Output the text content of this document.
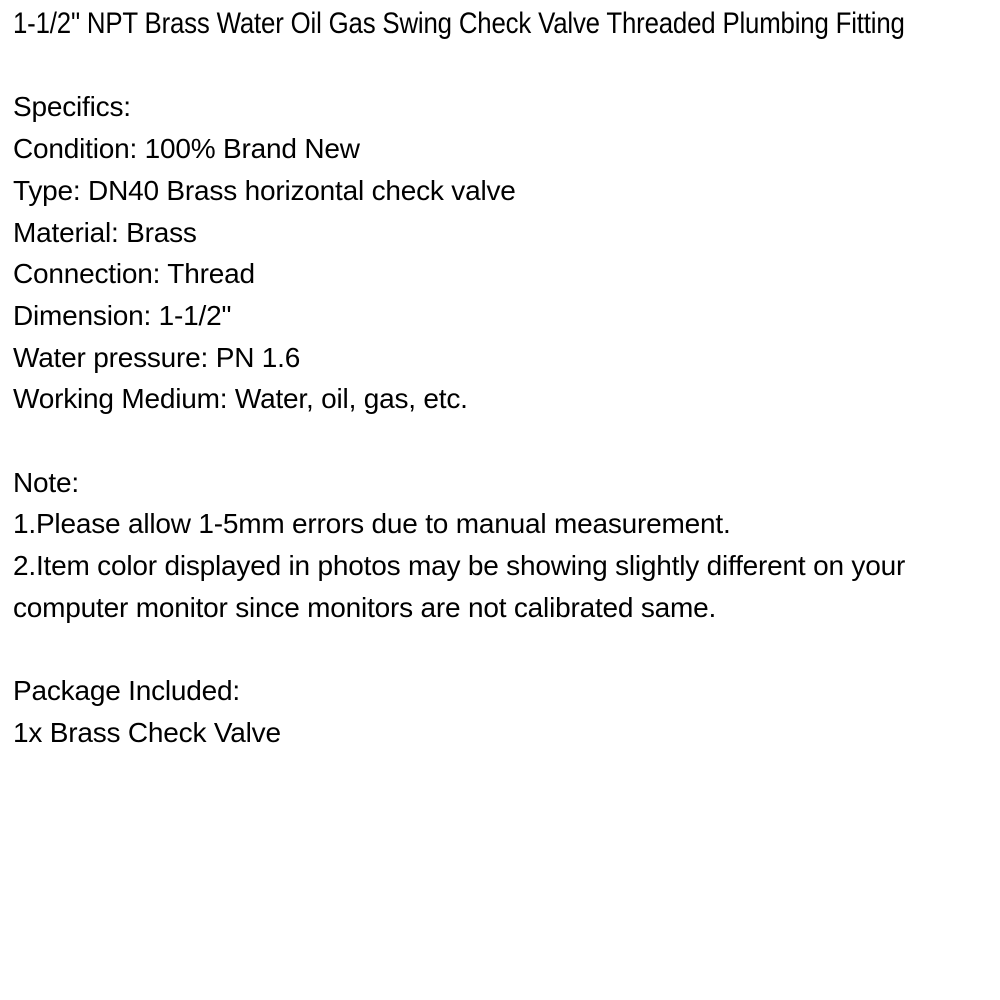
1-1/2" NPT Brass Water Oil Gas Swing Check Valve Threaded Plumbing Fitting
Specifics:
Condition: 100% Brand New
Type: DN40 Brass horizontal check valve
Material: Brass
Connection: Thread
Dimension: 1-1/2"
Water pressure: PN 1.6
Working Medium: Water, oil, gas, etc.
Note:
1.Please allow 1-5mm errors due to manual measurement.
2.Item color displayed in photos may be showing slightly different on your computer monitor since monitors are not calibrated same.
Package Included:
1x Brass Check Valve
